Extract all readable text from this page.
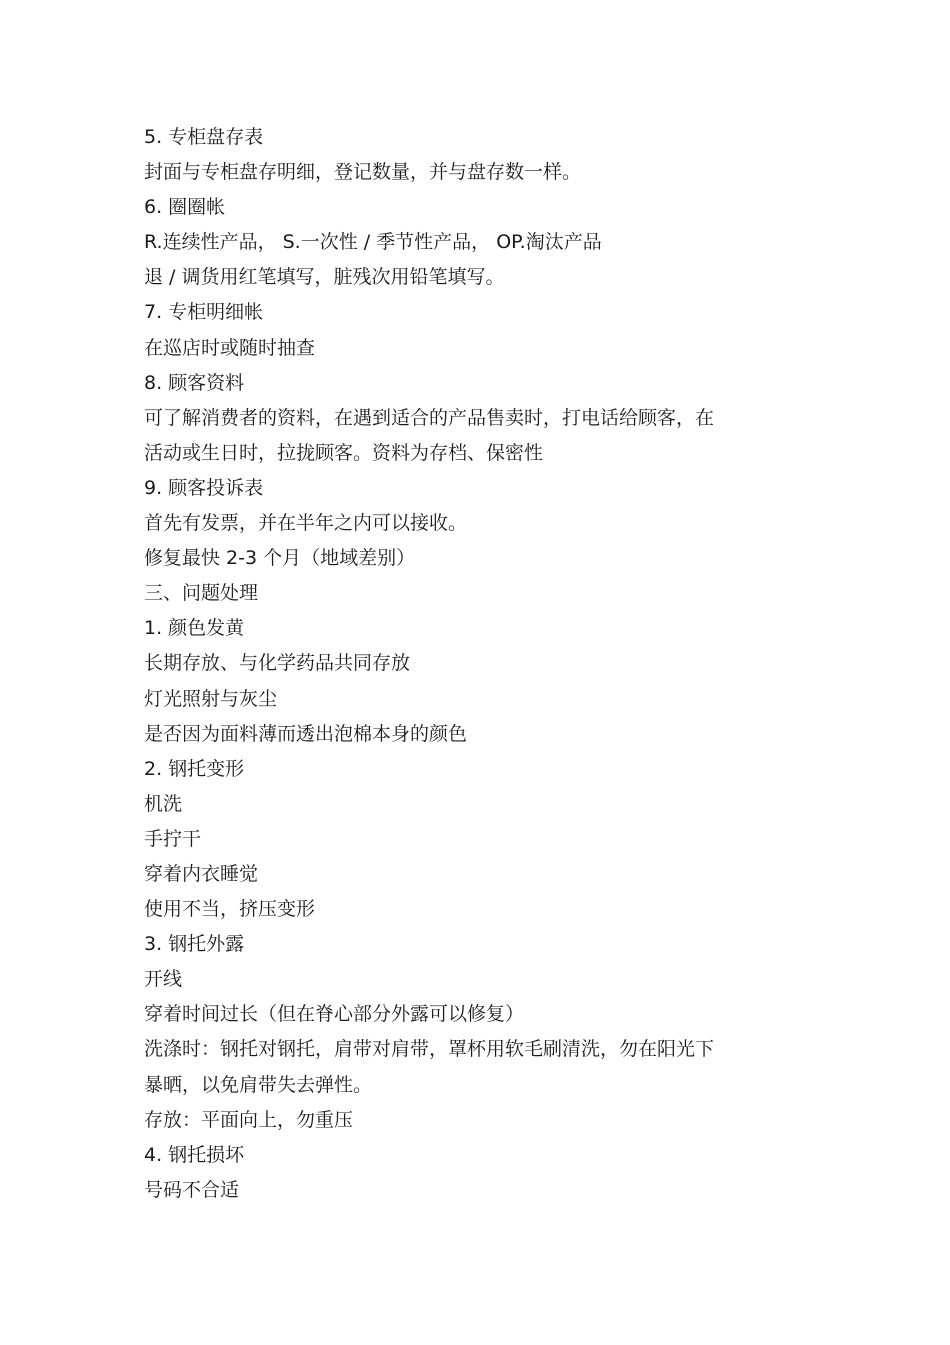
5. 专柜盘存表

封面与专柜盘存明细，登记数量，并与盘存数一样。

6. 圈圈帐

R.连续性产品， S.一次性 / 季节性产品， OP.淘汰产品

退 / 调货用红笔填写，脏残次用铅笔填写。

7. 专柜明细帐

在巡店时或随时抽查

8. 顾客资料

可了解消费者的资料，在遇到适合的产品售卖时，打电话给顾客，在

活动或生日时，拉拢顾客。资料为存档、保密性

9. 顾客投诉表

首先有发票，并在半年之内可以接收。

修复最快 2-3 个月（地域差别）

三、问题处理

1. 颜色发黄

长期存放、与化学药品共同存放

灯光照射与灰尘

是否因为面料薄而透出泡棉本身的颜色

2. 钢托变形

机洗

手拧干

穿着内衣睡觉

使用不当，挤压变形

3. 钢托外露

开线

穿着时间过长（但在脊心部分外露可以修复）

洗涤时：钢托对钢托，肩带对肩带，罩杯用软毛刷清洗，勿在阳光下

暴晒，以免肩带失去弹性。

存放：平面向上，勿重压

4. 钢托损坏

号码不合适
